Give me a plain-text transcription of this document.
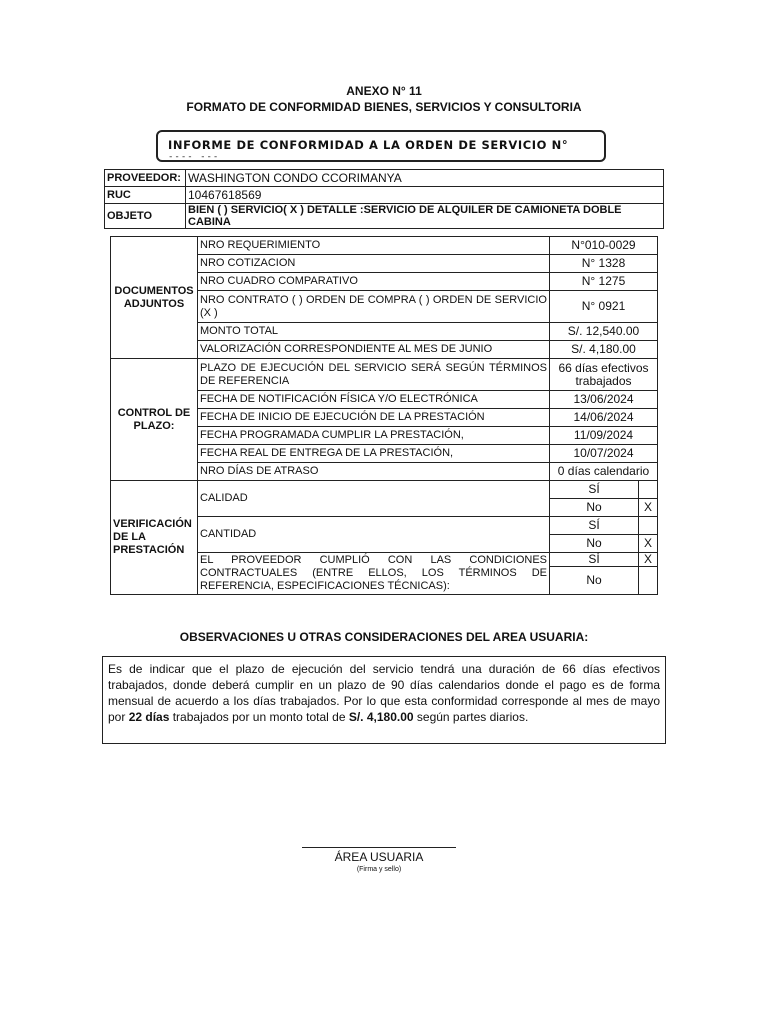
ANEXO N° 11
FORMATO DE CONFORMIDAD BIENES, SERVICIOS Y CONSULTORIA
INFORME DE CONFORMIDAD A LA ORDEN DE SERVICIO N°
---- ---
PROVEEDOR:	WASHINGTON CONDO CCORIMANYA
RUC	10467618569
OBJETO	BIEN ( ) SERVICIO( X ) DETALLE :SERVICIO DE ALQUILER DE CAMIONETA DOBLE CABINA
DOCUMENTOS ADJUNTOS	NRO REQUERIMIENTO	N°010-0029	
	NRO COTIZACION	N° 1328	
	NRO CUADRO COMPARATIVO	N° 1275	
	NRO CONTRATO ( ) ORDEN DE COMPRA ( ) ORDEN DE SERVICIO (X )	N° 0921	
	MONTO TOTAL	S/. 12,540.00	
	VALORIZACIÓN CORRESPONDIENTE AL MES DE JUNIO	S/. 4,180.00	
CONTROL DE PLAZO:	PLAZO DE EJECUCIÓN DEL SERVICIO SERÁ SEGÚN TÉRMINOS DE REFERENCIA	66 días efectivos trabajados	
	FECHA DE NOTIFICACIÓN FÍSICA Y/O ELECTRÓNICA	13/06/2024	
	FECHA DE INICIO DE EJECUCIÓN DE LA PRESTACIÓN	14/06/2024	
	FECHA PROGRAMADA CUMPLIR LA PRESTACIÓN,	11/09/2024	
	FECHA REAL DE ENTREGA DE LA PRESTACIÓN,	10/07/2024	
	NRO DÍAS DE ATRASO	0 días calendario	
VERIFICACIÓN DE LA PRESTACIÓN	CALIDAD	SÍ	
		No	X
	CANTIDAD	SÍ	
		No	X
	EL PROVEEDOR CUMPLIÓ CON LAS CONDICIONES CONTRACTUALES (ENTRE ELLOS, LOS TÉRMINOS DE REFERENCIA, ESPECIFICACIONES TÉCNICAS):	SÍ	X
		No	

OBSERVACIONES U OTRAS CONSIDERACIONES DEL AREA USUARIA:
Es de indicar que el plazo de ejecución del servicio tendrá una duración de 66 días efectivos trabajados, donde deberá cumplir en un plazo de 90 días calendarios donde el pago es de forma mensual de acuerdo a los días trabajados. Por lo que esta conformidad corresponde al mes de mayo por 22 días trabajados por un monto total de S/. 4,180.00 según partes diarios.
ÁREA USUARIA
(Firma y sello)
